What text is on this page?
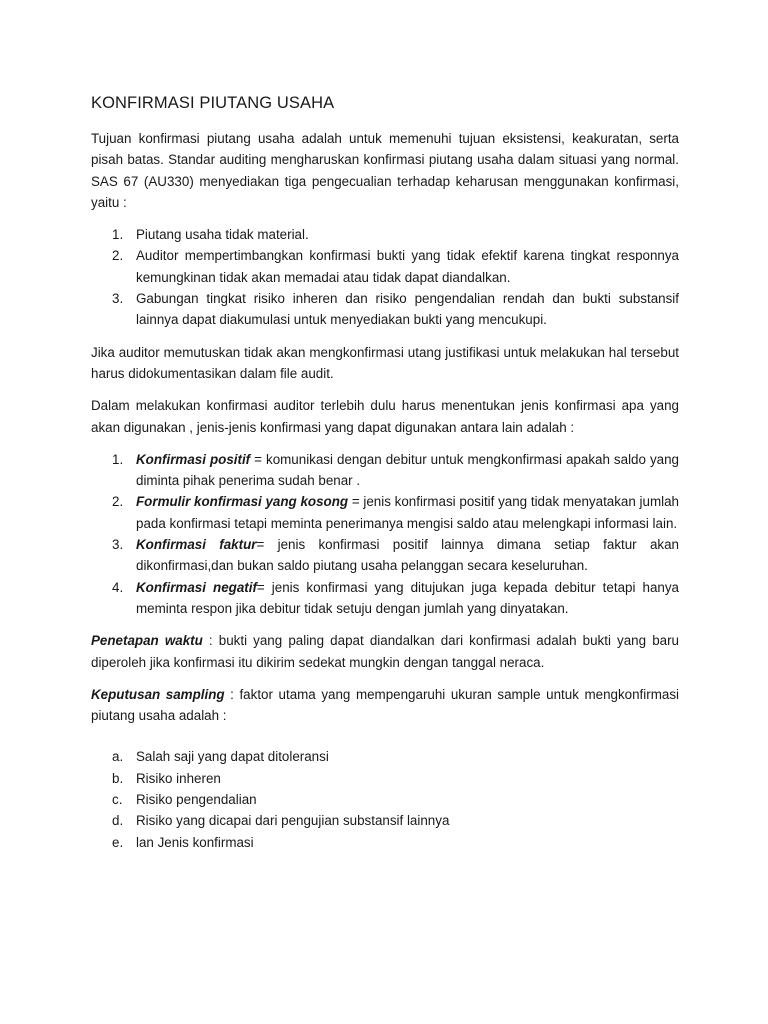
KONFIRMASI PIUTANG USAHA

Tujuan konfirmasi piutang usaha adalah untuk memenuhi tujuan eksistensi, keakuratan, serta pisah batas. Standar auditing mengharuskan konfirmasi piutang usaha dalam situasi yang normal. SAS 67 (AU330) menyediakan tiga pengecualian terhadap keharusan menggunakan konfirmasi, yaitu :

1. Piutang usaha tidak material.
2. Auditor mempertimbangkan konfirmasi bukti yang tidak efektif karena tingkat responnya kemungkinan tidak akan memadai atau tidak dapat diandalkan.
3. Gabungan tingkat risiko inheren dan risiko pengendalian rendah dan bukti substansif lainnya dapat diakumulasi untuk menyediakan bukti yang mencukupi.

Jika auditor memutuskan tidak akan mengkonfirmasi utang justifikasi untuk melakukan hal tersebut harus didokumentasikan dalam file audit.

Dalam melakukan konfirmasi auditor terlebih dulu harus menentukan jenis konfirmasi apa yang akan digunakan , jenis-jenis konfirmasi yang dapat digunakan antara lain adalah :

1. Konfirmasi positif = komunikasi dengan debitur untuk mengkonfirmasi apakah saldo yang diminta pihak penerima sudah benar .
2. Formulir konfirmasi yang kosong = jenis konfirmasi positif yang tidak menyatakan jumlah pada konfirmasi tetapi meminta penerimanya mengisi saldo atau melengkapi informasi lain.
3. Konfirmasi faktur= jenis konfirmasi positif lainnya dimana setiap faktur akan dikonfirmasi,dan bukan saldo piutang usaha pelanggan secara keseluruhan.
4. Konfirmasi negatif= jenis konfirmasi yang ditujukan juga kepada debitur tetapi hanya meminta respon jika debitur tidak setuju dengan jumlah yang dinyatakan.

Penetapan waktu : bukti yang paling dapat diandalkan dari konfirmasi adalah bukti yang baru diperoleh jika konfirmasi itu dikirim sedekat mungkin dengan tanggal neraca.

Keputusan sampling : faktor utama yang mempengaruhi ukuran sample untuk mengkonfirmasi piutang usaha adalah :

a. Salah saji yang dapat ditoleransi
b. Risiko inheren
c. Risiko pengendalian
d. Risiko yang dicapai dari pengujian substansif lainnya
e. lan Jenis konfirmasi
